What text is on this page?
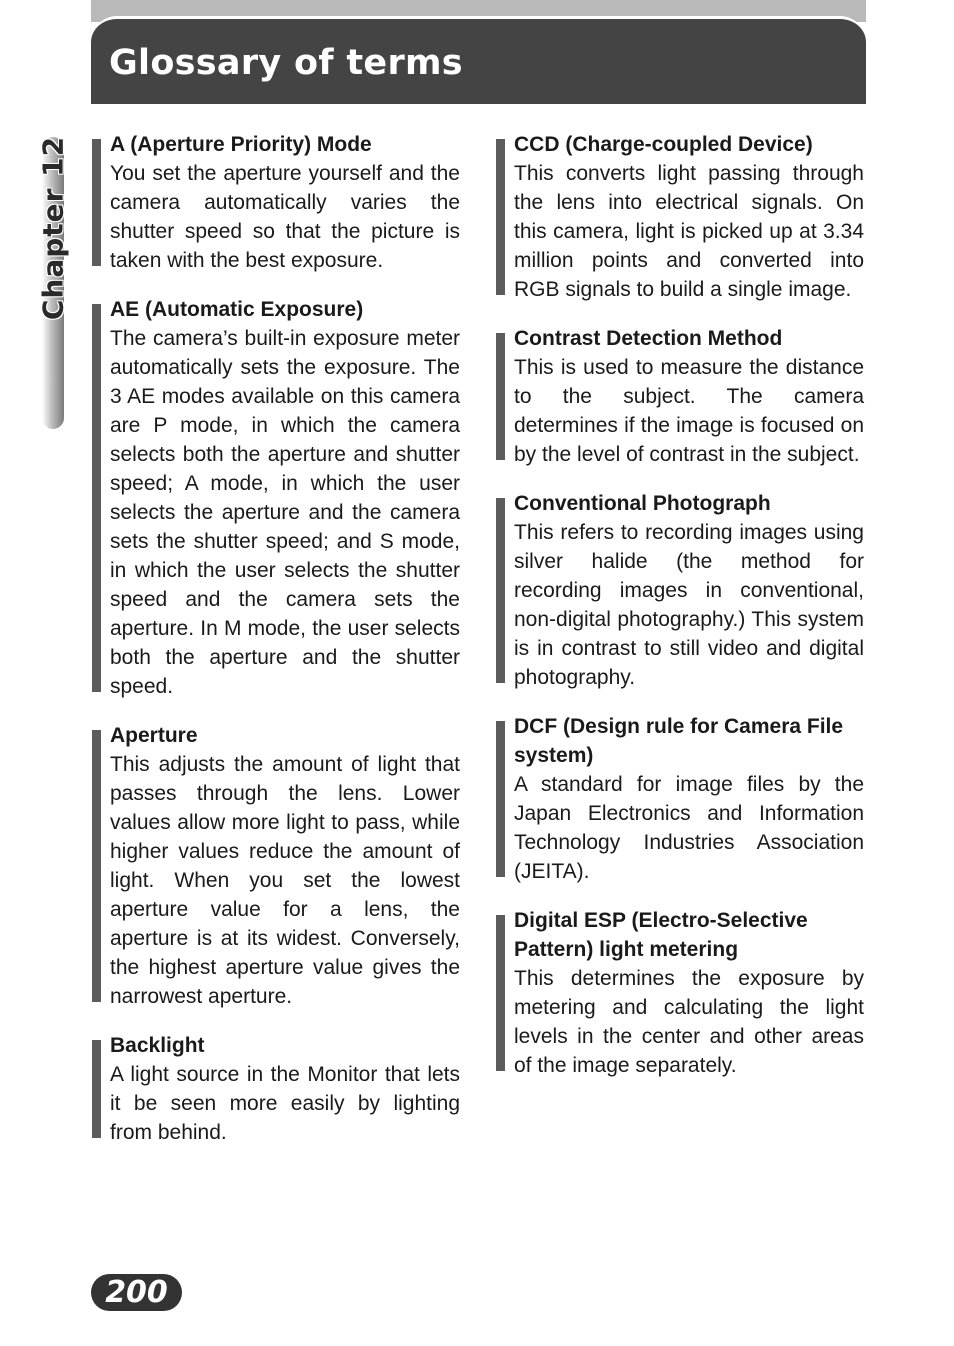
Glossary of terms
Chapter 12 A (Aperture Priority) Mode

You set the aperture yourself and the camera automatically varies the shutter speed so that the picture is taken with the best exposure.

AE (Automatic Exposure)

The camera’s built-in exposure meter automatically sets the exposure. The 3 AE modes available on this camera are P mode, in which the camera selects both the aperture and shutter speed; A mode, in which the user selects the aperture and the camera sets the shutter speed; and S mode, in which the user selects the shutter speed and the camera sets the aperture. In M mode, the user selects both the aperture and the shutter speed.

Aperture

This adjusts the amount of light that passes through the lens. Lower values allow more light to pass, while higher values reduce the amount of light. When you set the lowest aperture value for a lens, the aperture is at its widest. Conversely, the highest aperture value gives the narrowest aperture.

Backlight

A light source in the Monitor that lets it be seen more easily by lighting from behind.

CCD (Charge-coupled Device)

This converts light passing through the lens into electrical signals. On this camera, light is picked up at 3.34 million points and converted into RGB signals to build a single image.

Contrast Detection Method

This is used to measure the distance to the subject. The camera determines if the image is focused on by the level of contrast in the subject.

Conventional Photograph

This refers to recording images using silver halide (the method for recording images in conventional, non-digital photography.) This system is in contrast to still video and digital photography.

DCF (Design rule for Camera File system)

A standard for image files by the Japan Electronics and Information Technology Industries Association (JEITA).

Digital ESP (Electro-Selective Pattern) light metering

This determines the exposure by metering and calculating the light levels in the center and other areas of the image separately.

200
